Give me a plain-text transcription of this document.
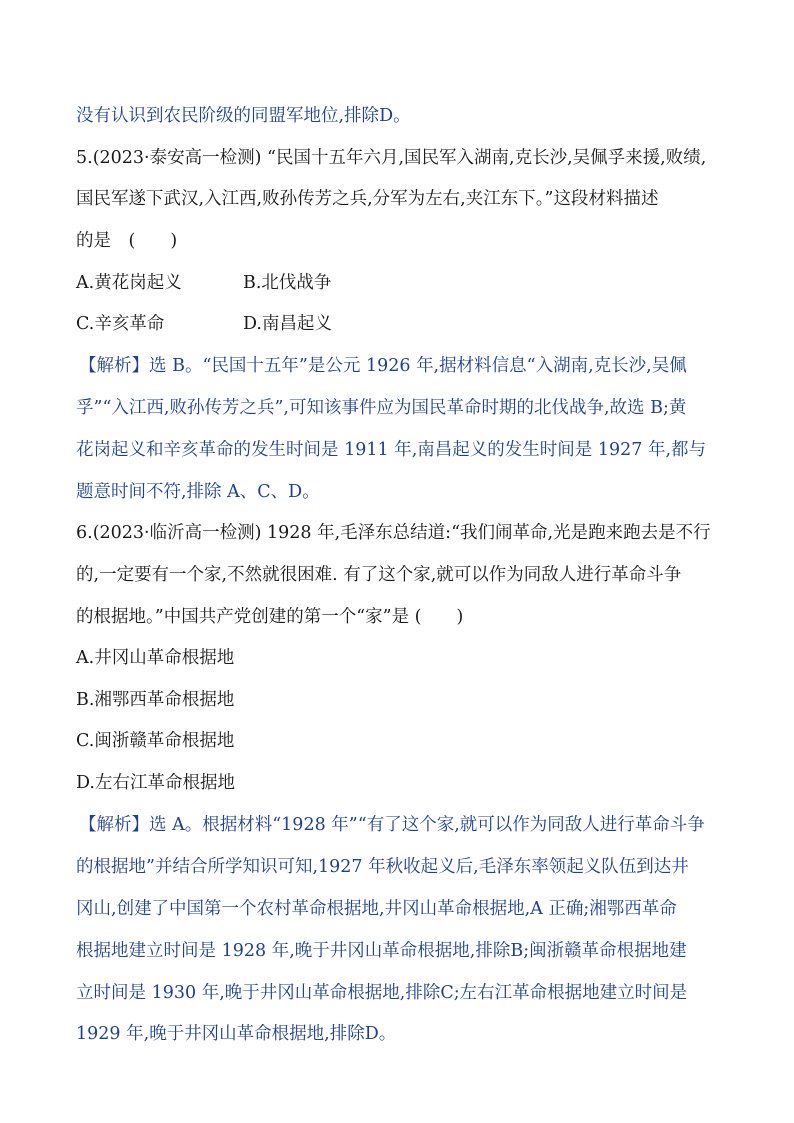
没有认识到农民阶级的同盟军地位,排除D。
5.(2023·泰安高一检测) “民国十五年六月,国民军入湖南,克长沙,吴佩孚来援,败绩,
国民军遂下武汉,入江西,败孙传芳之兵,分军为左右,夹江东下。”这段材料描述
的是　(　　)
A.黄花岗起义	B.北伐战争
C.辛亥革命	D.南昌起义
【解析】选 B。“民国十五年”是公元 1926 年,据材料信息“入湖南,克长沙,吴佩
孚”“入江西,败孙传芳之兵”,可知该事件应为国民革命时期的北伐战争,故选 B;黄
花岗起义和辛亥革命的发生时间是 1911 年,南昌起义的发生时间是 1927 年,都与
题意时间不符,排除 A、C、D。
6.(2023·临沂高一检测) 1928 年,毛泽东总结道:“我们闹革命,光是跑来跑去是不行
的,一定要有一个家,不然就很困难. 有了这个家,就可以作为同敌人进行革命斗争
的根据地。”中国共产党创建的第一个“家”是 (　　)
A.井冈山革命根据地
B.湘鄂西革命根据地
C.闽浙赣革命根据地
D.左右江革命根据地
【解析】选 A。根据材料“1928 年”“有了这个家,就可以作为同敌人进行革命斗争
的根据地”并结合所学知识可知,1927 年秋收起义后,毛泽东率领起义队伍到达井
冈山,创建了中国第一个农村革命根据地,井冈山革命根据地,A 正确;湘鄂西革命
根据地建立时间是 1928 年,晚于井冈山革命根据地,排除B;闽浙赣革命根据地建
立时间是 1930 年,晚于井冈山革命根据地,排除C;左右江革命根据地建立时间是
1929 年,晚于井冈山革命根据地,排除D。
